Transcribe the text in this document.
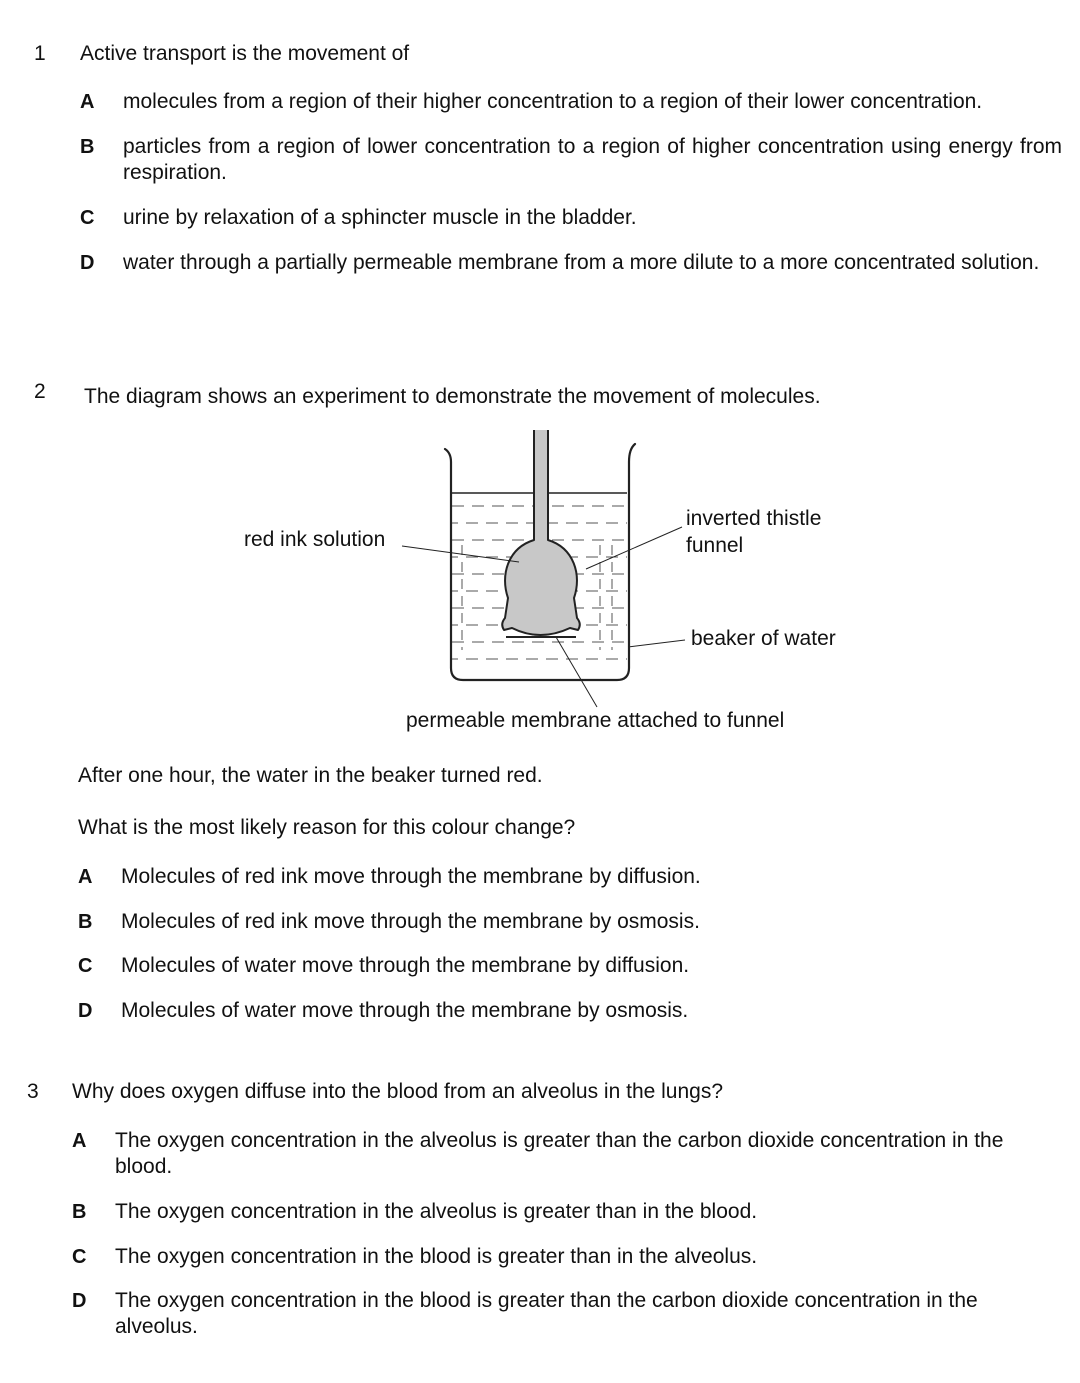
1 Active transport is the movement of
A molecules from a region of their higher concentration to a region of their lower concentration.
B particles from a region of lower concentration to a region of higher concentration using energy from respiration.
C urine by relaxation of a sphincter muscle in the bladder.
D water through a partially permeable membrane from a more dilute to a more concentrated solution.
2 The diagram shows an experiment to demonstrate the movement of molecules.
red ink solution
inverted thistle
funnel
beaker of water
permeable membrane attached to funnel
After one hour, the water in the beaker turned red.
What is the most likely reason for this colour change?
A Molecules of red ink move through the membrane by diffusion.
B Molecules of red ink move through the membrane by osmosis.
C Molecules of water move through the membrane by diffusion.
D Molecules of water move through the membrane by osmosis.
3 Why does oxygen diffuse into the blood from an alveolus in the lungs?
A The oxygen concentration in the alveolus is greater than the carbon dioxide concentration in the blood.
B The oxygen concentration in the alveolus is greater than in the blood.
C The oxygen concentration in the blood is greater than in the alveolus.
D The oxygen concentration in the blood is greater than the carbon dioxide concentration in the alveolus.
